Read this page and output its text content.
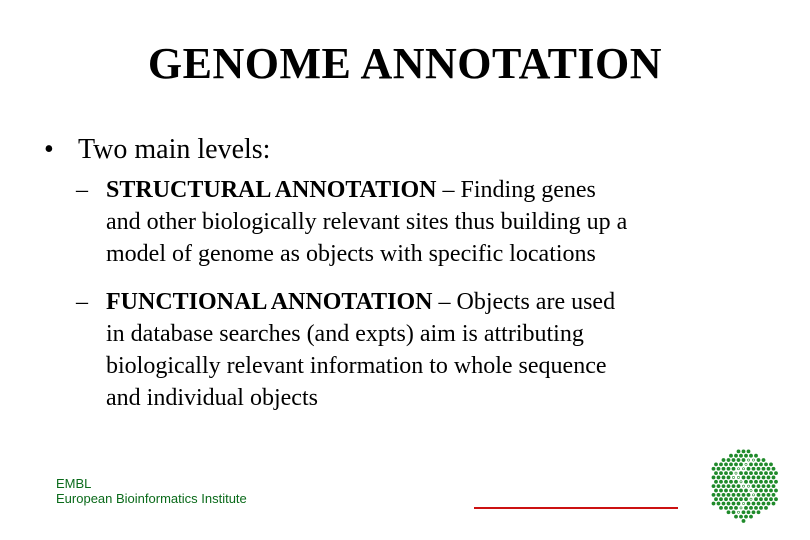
GENOME ANNOTATION
• Two main levels:
– STRUCTURAL ANNOTATION – Finding genes
and other biologically relevant sites thus building up a
model of genome as objects with specific locations
– FUNCTIONAL ANNOTATION – Objects are used
in database searches (and expts) aim is attributing
biologically relevant information to whole sequence
and individual objects
EMBL
European Bioinformatics Institute
